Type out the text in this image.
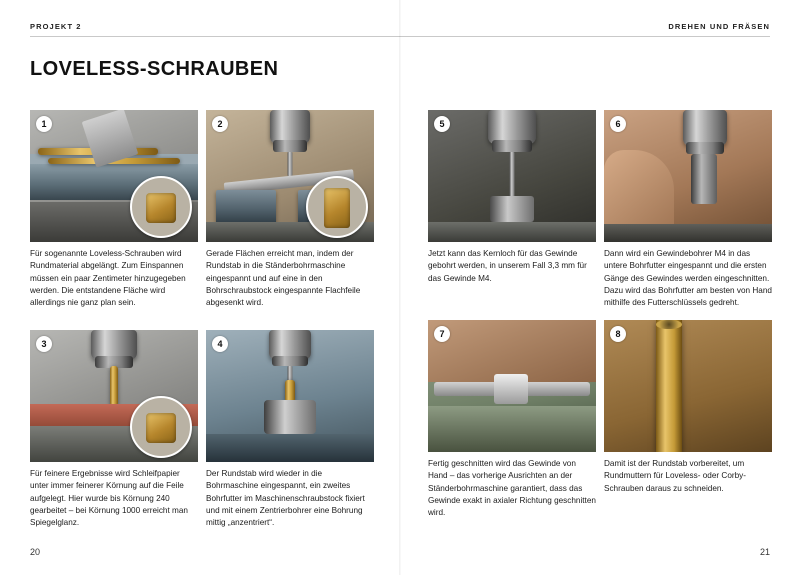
PROJEKT 2	DREHEN UND FRÄSEN
LOVELESS-SCHRAUBEN
1
Für sogenannte Loveless-Schrauben wird Rundmaterial abgelängt. Zum Einspannen müssen ein paar Zentimeter hinzugegeben werden. Die entstandene Fläche wird allerdings nie ganz plan sein.
2
Gerade Flächen erreicht man, indem der Rundstab in die Ständerbohrmaschine eingespannt und auf eine in den Bohrschraubstock eingespannte Flachfeile abgesenkt wird.
3
Für feinere Ergebnisse wird Schleifpapier unter immer feinerer Körnung auf die Feile aufgelegt. Hier wurde bis Körnung 240 gearbeitet – bei Körnung 1000 erreicht man Spiegelglanz.
4
Der Rundstab wird wieder in die Bohrmaschine eingespannt, ein zweites Bohrfutter im Maschinenschraubstock fixiert und mit einem Zentrierbohrer eine Bohrung mittig „anzentriert“.
5
Jetzt kann das Kernloch für das Gewinde gebohrt werden, in unserem Fall 3,3 mm für das Gewinde M4.
6
Dann wird ein Gewindebohrer M4 in das untere Bohrfutter eingespannt und die ersten Gänge des Gewindes werden eingeschnitten. Dazu wird das Bohrfutter am besten von Hand mithilfe des Futterschlüssels gedreht.
7
Fertig geschnitten wird das Gewinde von Hand – das vorherige Ausrichten an der Ständerbohrmaschine garantiert, dass das Gewinde exakt in axialer Richtung geschnitten wird.
8
Damit ist der Rundstab vorbereitet, um Rundmuttern für Loveless- oder Corby-Schrauben daraus zu schneiden.
20	21
